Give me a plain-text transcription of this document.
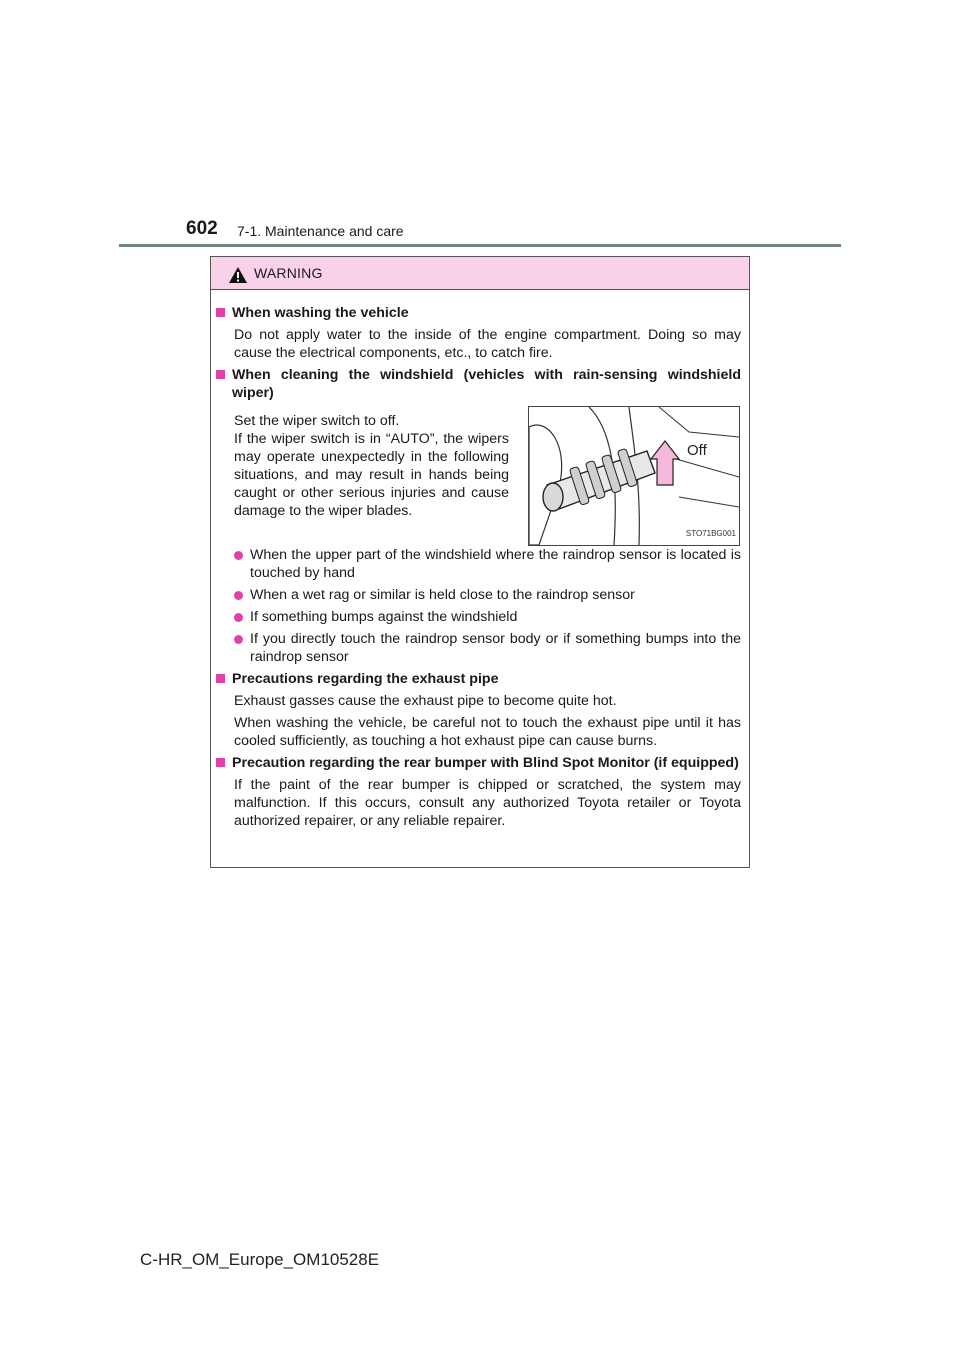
602 7-1. Maintenance and care
WARNING
When washing the vehicle
Do not apply water to the inside of the engine compartment. Doing so may cause the electrical components, etc., to catch fire.
When cleaning the windshield (vehicles with rain-sensing windshield wiper)
Set the wiper switch to off.
If the wiper switch is in “AUTO”, the wipers may operate unexpectedly in the following situations, and may result in hands being caught or other serious injuries and cause damage to the wiper blades.
Off
STO71BG001
When the upper part of the windshield where the raindrop sensor is located is touched by hand
When a wet rag or similar is held close to the raindrop sensor
If something bumps against the windshield
If you directly touch the raindrop sensor body or if something bumps into the raindrop sensor
Precautions regarding the exhaust pipe
Exhaust gasses cause the exhaust pipe to become quite hot.
When washing the vehicle, be careful not to touch the exhaust pipe until it has cooled sufficiently, as touching a hot exhaust pipe can cause burns.
Precaution regarding the rear bumper with Blind Spot Monitor (if equipped)
If the paint of the rear bumper is chipped or scratched, the system may malfunction. If this occurs, consult any authorized Toyota retailer or Toyota authorized repairer, or any reliable repairer.
C-HR_OM_Europe_OM10528E
